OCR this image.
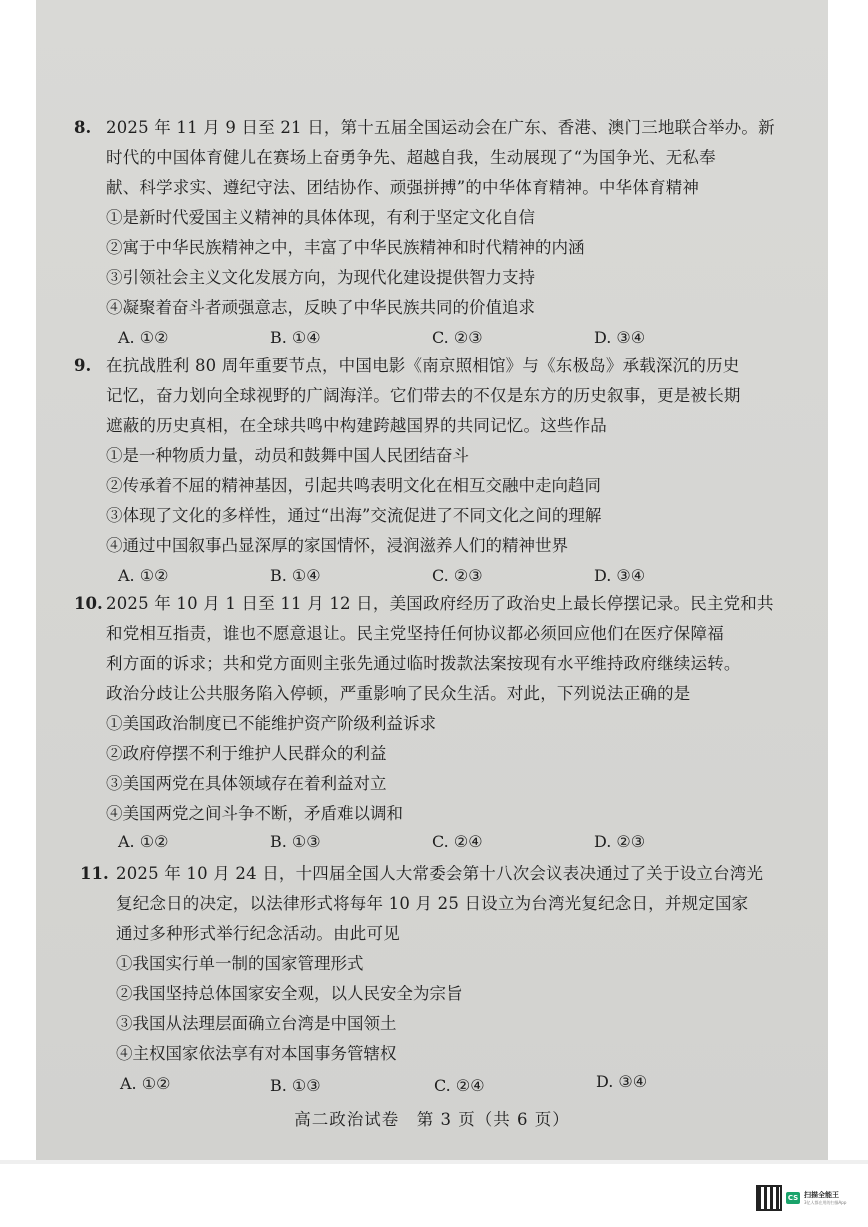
8. 2025 年 11 月 9 日至 21 日，第十五届全国运动会在广东、香港、澳门三地联合举办。新
时代的中国体育健儿在赛场上奋勇争先、超越自我，生动展现了“为国争光、无私奉
献、科学求实、遵纪守法、团结协作、顽强拼搏”的中华体育精神。中华体育精神
①是新时代爱国主义精神的具体体现，有利于坚定文化自信
②寓于中华民族精神之中，丰富了中华民族精神和时代精神的内涵
③引领社会主义文化发展方向，为现代化建设提供智力支持
④凝聚着奋斗者顽强意志，反映了中华民族共同的价值追求
A. ①②	B. ①④	C. ②③	D. ③④
9. 在抗战胜利 80 周年重要节点，中国电影《南京照相馆》与《东极岛》承载深沉的历史
记忆，奋力划向全球视野的广阔海洋。它们带去的不仅是东方的历史叙事，更是被长期
遮蔽的历史真相，在全球共鸣中构建跨越国界的共同记忆。这些作品
①是一种物质力量，动员和鼓舞中国人民团结奋斗
②传承着不屈的精神基因，引起共鸣表明文化在相互交融中走向趋同
③体现了文化的多样性，通过“出海”交流促进了不同文化之间的理解
④通过中国叙事凸显深厚的家国情怀，浸润滋养人们的精神世界
A. ①②	B. ①④	C. ②③	D. ③④
10. 2025 年 10 月 1 日至 11 月 12 日，美国政府经历了政治史上最长停摆记录。民主党和共
和党相互指责，谁也不愿意退让。民主党坚持任何协议都必须回应他们在医疗保障福
利方面的诉求；共和党方面则主张先通过临时拨款法案按现有水平维持政府继续运转。
政治分歧让公共服务陷入停顿，严重影响了民众生活。对此，下列说法正确的是
①美国政治制度已不能维护资产阶级利益诉求
②政府停摆不利于维护人民群众的利益
③美国两党在具体领域存在着利益对立
④美国两党之间斗争不断，矛盾难以调和
A. ①②	B. ①③	C. ②④	D. ②③
11. 2025 年 10 月 24 日，十四届全国人大常委会第十八次会议表决通过了关于设立台湾光
复纪念日的决定，以法律形式将每年 10 月 25 日设立为台湾光复纪念日，并规定国家
通过多种形式举行纪念活动。由此可见
①我国实行单一制的国家管理形式
②我国坚持总体国家安全观，以人民安全为宗旨
③我国从法理层面确立台湾是中国领土
④主权国家依法享有对本国事务管辖权
A. ①②	B. ①③	C. ②④	D. ③④
高二政治试卷　第 3 页（共 6 页）
CS 扫描全能王
3亿人都在用的扫描App
